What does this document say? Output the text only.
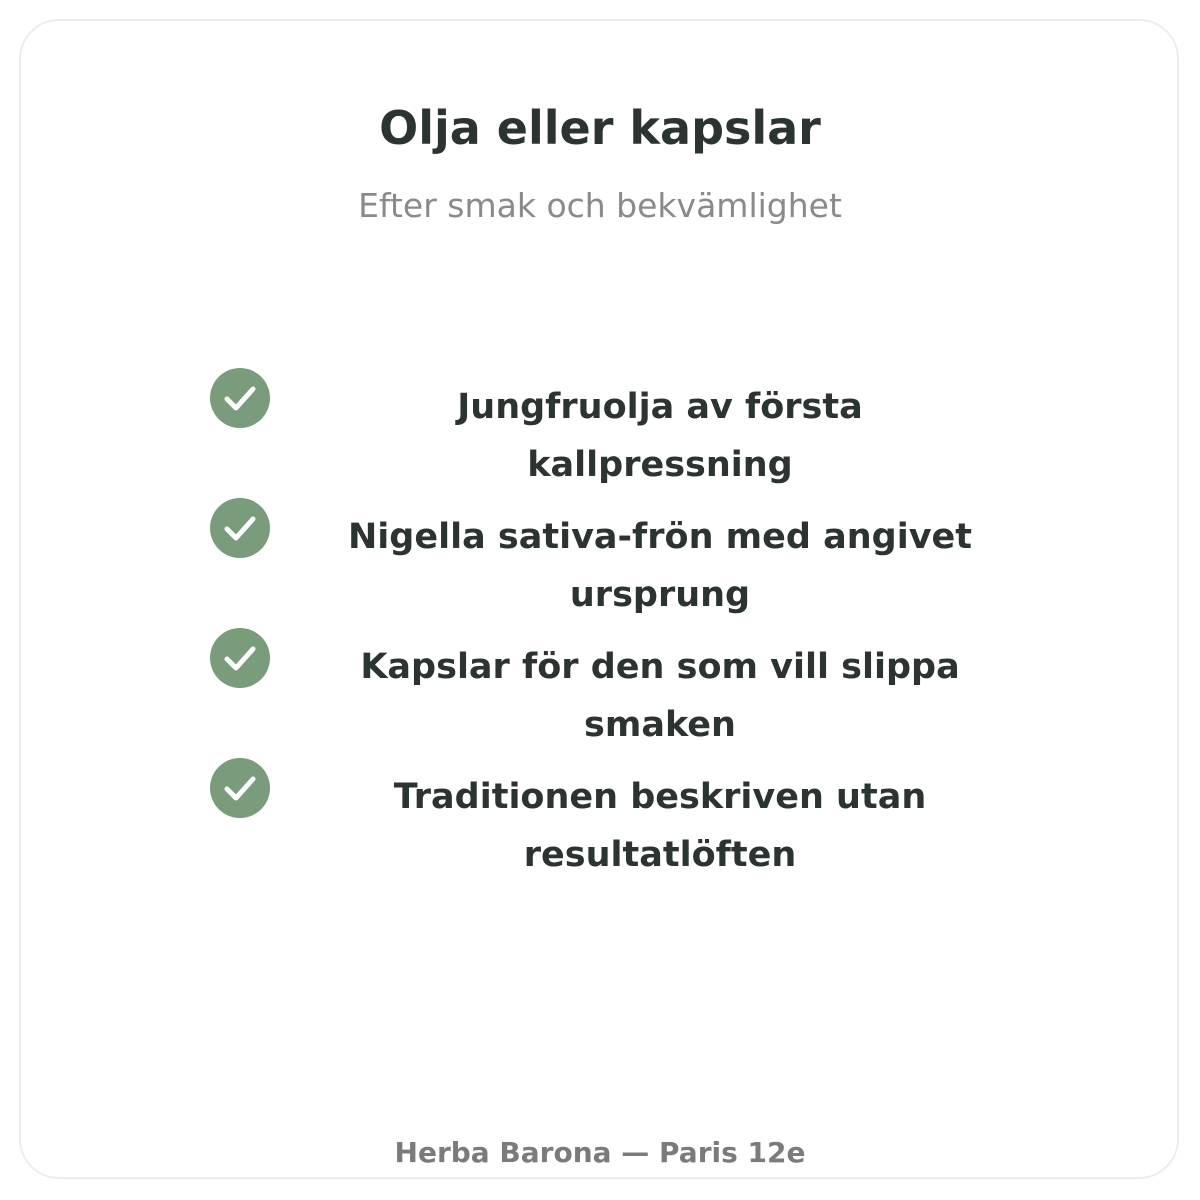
Olja eller kapslar

Efter smak och bekvämlighet

Jungfruolja av första kallpressning
Nigella sativa-frön med angivet ursprung
Kapslar för den som vill slippa smaken
Traditionen beskriven utan resultatlöften
Herba Barona — Paris 12e
